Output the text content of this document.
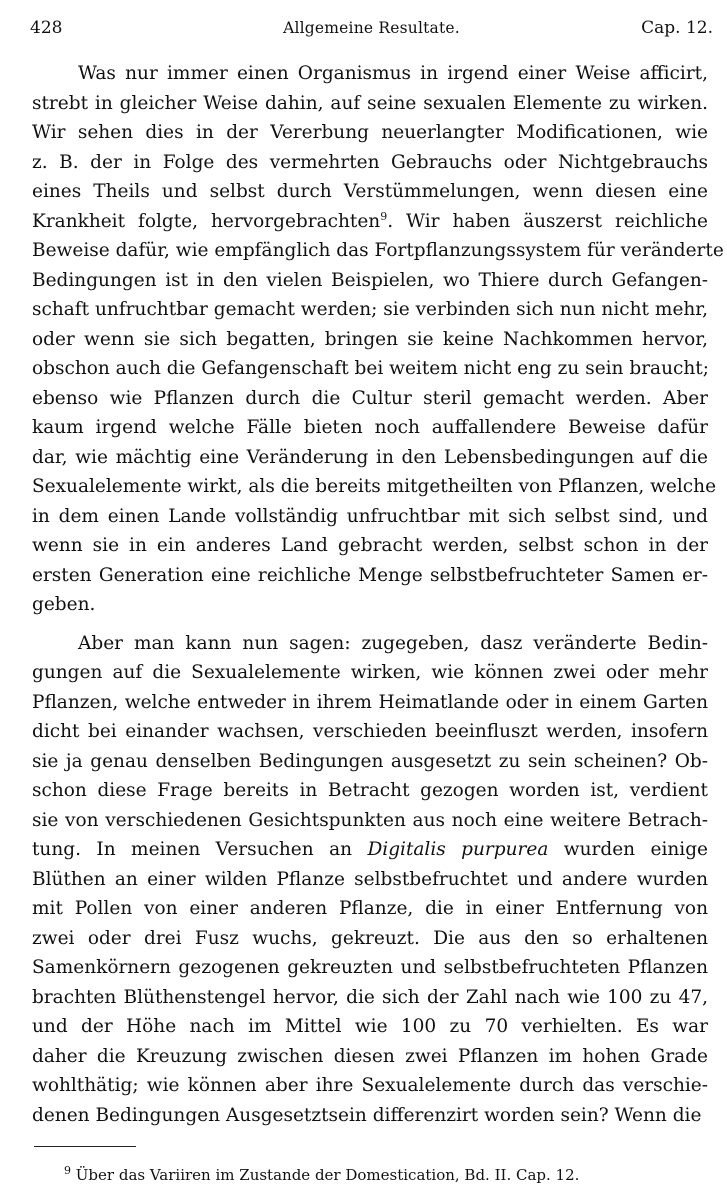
428	Allgemeine Resultate.	Cap. 12.
Was nur immer einen Organismus in irgend einer Weise afficirt,
strebt in gleicher Weise dahin, auf seine sexualen Elemente zu wirken.
Wir sehen dies in der Vererbung neuerlangter Modificationen, wie
z. B. der in Folge des vermehrten Gebrauchs oder Nichtgebrauchs
eines Theils und selbst durch Verstümmelungen, wenn diesen eine
Krankheit folgte, hervorgebrachten$^9$. Wir haben äuszerst reichliche
Beweise dafür, wie empfänglich das Fortpflanzungssystem für veränderte
Bedingungen ist in den vielen Beispielen, wo Thiere durch Gefangen-
schaft unfruchtbar gemacht werden; sie verbinden sich nun nicht mehr,
oder wenn sie sich begatten, bringen sie keine Nachkommen hervor,
obschon auch die Gefangenschaft bei weitem nicht eng zu sein braucht;
ebenso wie Pflanzen durch die Cultur steril gemacht werden. Aber
kaum irgend welche Fälle bieten noch auffallendere Beweise dafür
dar, wie mächtig eine Veränderung in den Lebensbedingungen auf die
Sexualelemente wirkt, als die bereits mitgetheilten von Pflanzen, welche
in dem einen Lande vollständig unfruchtbar mit sich selbst sind, und
wenn sie in ein anderes Land gebracht werden, selbst schon in der
ersten Generation eine reichliche Menge selbstbefruchteter Samen er-
geben.
Aber man kann nun sagen: zugegeben, dasz veränderte Bedin-
gungen auf die Sexualelemente wirken, wie können zwei oder mehr
Pflanzen, welche entweder in ihrem Heimatlande oder in einem Garten
dicht bei einander wachsen, verschieden beeinfluszt werden, insofern
sie ja genau denselben Bedingungen ausgesetzt zu sein scheinen? Ob-
schon diese Frage bereits in Betracht gezogen worden ist, verdient
sie von verschiedenen Gesichtspunkten aus noch eine weitere Betrach-
tung. In meinen Versuchen an Digitalis purpurea wurden einige
Blüthen an einer wilden Pflanze selbstbefruchtet und andere wurden
mit Pollen von einer anderen Pflanze, die in einer Entfernung von
zwei oder drei Fusz wuchs, gekreuzt. Die aus den so erhaltenen
Samenkörnern gezogenen gekreuzten und selbstbefruchteten Pflanzen
brachten Blüthenstengel hervor, die sich der Zahl nach wie 100 zu 47,
und der Höhe nach im Mittel wie 100 zu 70 verhielten. Es war
daher die Kreuzung zwischen diesen zwei Pflanzen im hohen Grade
wohlthätig; wie können aber ihre Sexualelemente durch das verschie-
denen Bedingungen Ausgesetztsein differenzirt worden sein? Wenn die
$^9$ Über das Variiren im Zustande der Domestication, Bd. II. Cap. 12.
